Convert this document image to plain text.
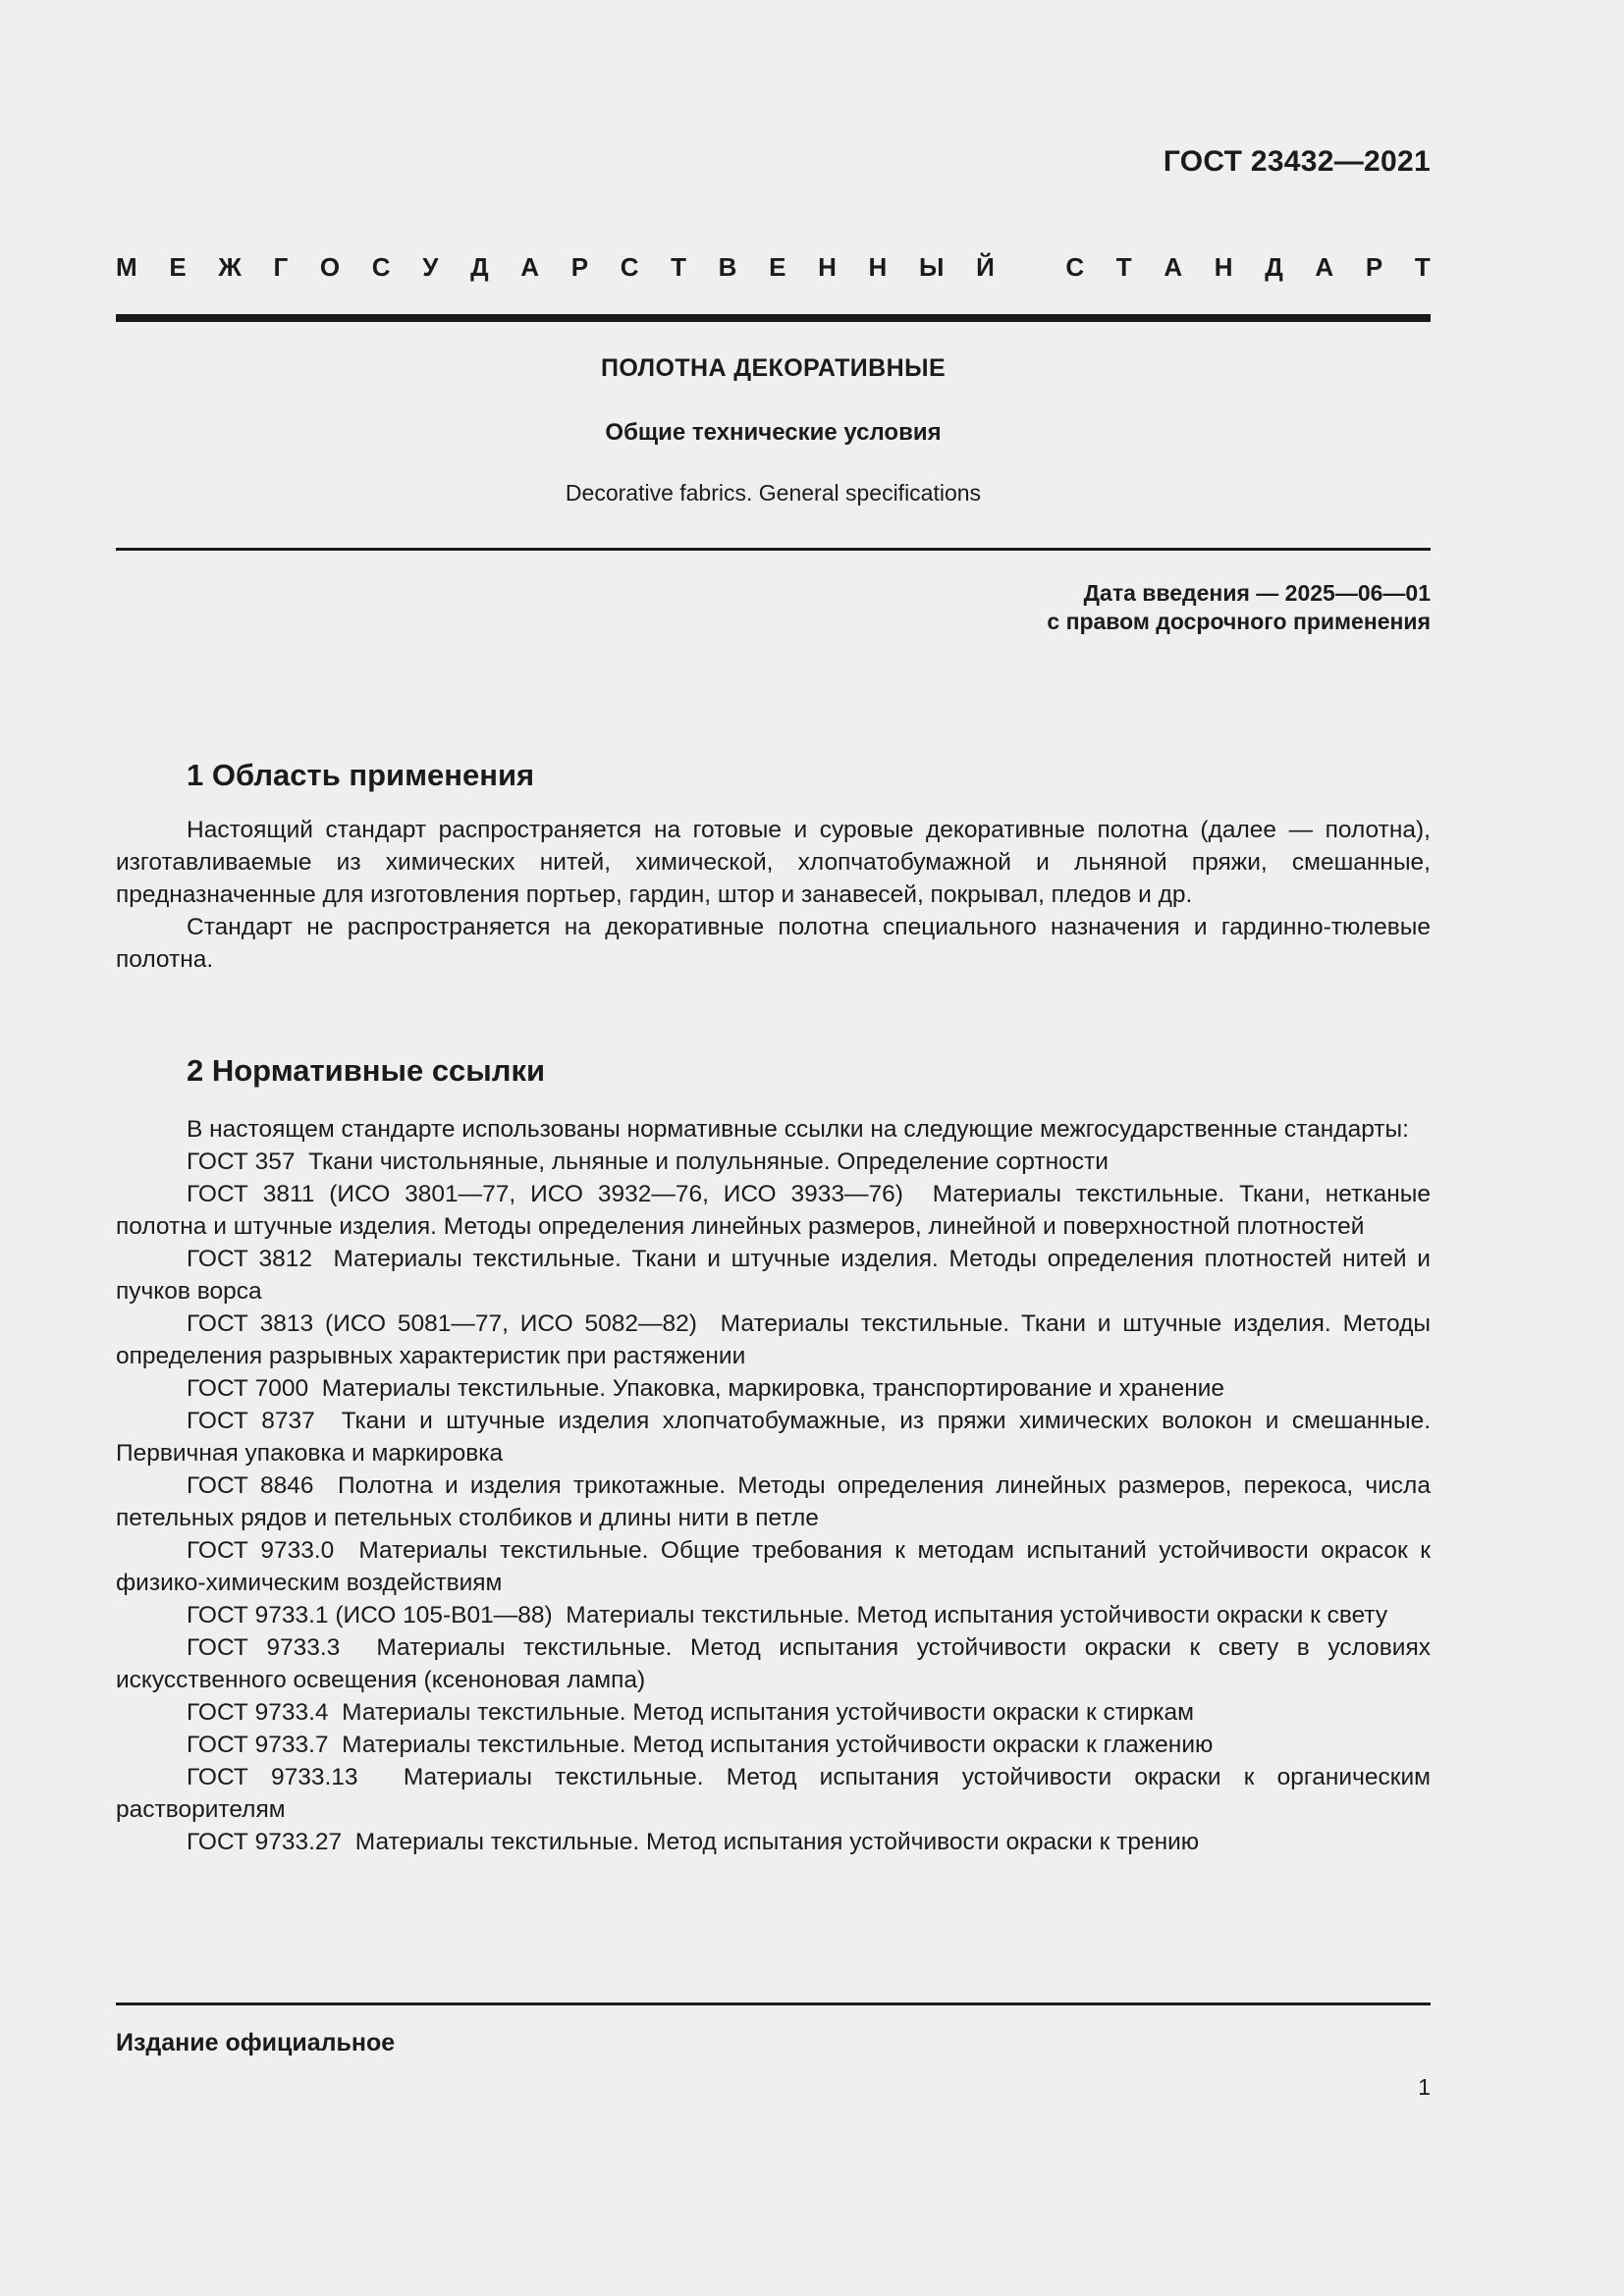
ГОСТ 23432—2021
М Е Ж Г О С У Д А Р С Т В Е Н Н Ы Й
	С Т А Н Д А Р Т
ПОЛОТНА ДЕКОРАТИВНЫЕ
Общие технические условия
Decorative fabrics. General specifications
Дата введения — 2025—06—01
с правом досрочного применения
1 Область применения

Настоящий стандарт распространяется на готовые и суровые декоративные полотна (далее — полотна), изготавливаемые из химических нитей, химической, хлопчатобумажной и льняной пряжи, смешанные, предназначенные для изготовления портьер, гардин, штор и занавесей, покрывал, пледов и др.

Стандарт не распространяется на декоративные полотна специального назначения и гардинно-тюлевые полотна.

2 Нормативные ссылки

В настоящем стандарте использованы нормативные ссылки на следующие межгосударственные стандарты:

ГОСТ 357 Ткани чистольняные, льняные и полульняные. Определение сортности

ГОСТ 3811 (ИСО 3801—77, ИСО 3932—76, ИСО 3933—76) Материалы текстильные. Ткани, нетканые полотна и штучные изделия. Методы определения линейных размеров, линейной и поверхностной плотностей

ГОСТ 3812 Материалы текстильные. Ткани и штучные изделия. Методы определения плотностей нитей и пучков ворса

ГОСТ 3813 (ИСО 5081—77, ИСО 5082—82) Материалы текстильные. Ткани и штучные изделия. Методы определения разрывных характеристик при растяжении

ГОСТ 7000 Материалы текстильные. Упаковка, маркировка, транспортирование и хранение

ГОСТ 8737 Ткани и штучные изделия хлопчатобумажные, из пряжи химических волокон и смешанные. Первичная упаковка и маркировка

ГОСТ 8846 Полотна и изделия трикотажные. Методы определения линейных размеров, перекоса, числа петельных рядов и петельных столбиков и длины нити в петле

ГОСТ 9733.0 Материалы текстильные. Общие требования к методам испытаний устойчивости окрасок к физико-химическим воздействиям

ГОСТ 9733.1 (ИСО 105-В01—88) Материалы текстильные. Метод испытания устойчивости окраски к свету

ГОСТ 9733.3 Материалы текстильные. Метод испытания устойчивости окраски к свету в условиях искусственного освещения (ксеноновая лампа)

ГОСТ 9733.4 Материалы текстильные. Метод испытания устойчивости окраски к стиркам

ГОСТ 9733.7 Материалы текстильные. Метод испытания устойчивости окраски к глажению

ГОСТ 9733.13 Материалы текстильные. Метод испытания устойчивости окраски к органическим растворителям

ГОСТ 9733.27 Материалы текстильные. Метод испытания устойчивости окраски к трению

Издание официальное
1
